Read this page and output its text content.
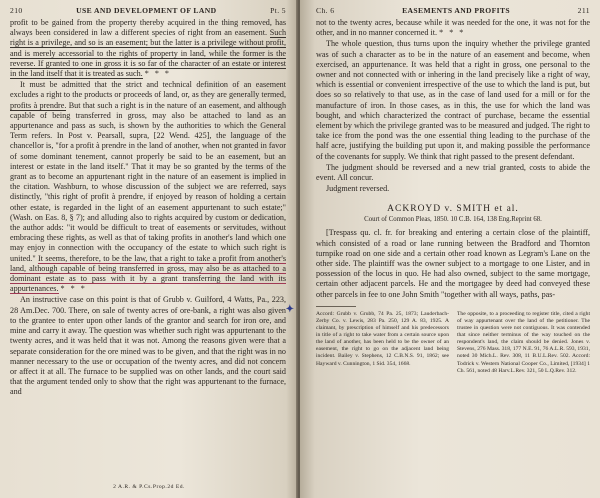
210	USE AND DEVELOPMENT OF LAND	Pt. 5

profit to be gained from the property thereby acquired in the thing removed, has always been considered in law a different species of right from an easement. Such right is a privilege, and so is an easement; but the latter is a privilege without profit, and is merely accessorial to the rights of property in land, while the former is the reverse. If granted to one in gross it is so far of the character of an estate or interest in the land itself that it is treated as such. * * *

It must be admitted that the strict and technical definition of an easement excludes a right to the products or proceeds of land, or, as they are generally termed, profits à prendre. But that such a right is in the nature of an easement, and although capable of being transferred in gross, may also be attached to land as an appurtenance and pass as such, is shown by the authorities to which the General Term refers. In Post v. Pearsall, supra, [22 Wend. 425], the language of the chancellor is, "for a profit à prendre in the land of another, when not granted in favor of some dominant tenement, cannot properly be said to be an easement, but an interest or estate in the land itself." That it may be so granted by the terms of the grant as to become an appurtenant right in the nature of an easement is implied in the citation. Washburn, to whose discussion of the subject we are referred, says distinctly, "this right of profit à prendre, if enjoyed by reason of holding a certain other estate, is regarded in the light of an easement appurtenant to such estate;" (Wash. on Eas. 8, § 7); and alluding also to rights acquired by custom or dedication, the author adds: "it would be difficult to treat of easements or servitudes, without embracing these rights, as well as that of taking profits in another's land which one may enjoy in connection with the occupancy of the estate to which such right is united." It seems, therefore, to be the law, that a right to take a profit from another's land, although capable of being transferred in gross, may also be as attached to a dominant estate as to pass with it by a grant transferring the land with its appurtenances. * * *

An instructive case on this point is that of Grubb v. Guilford, 4 Watts, Pa., 223, 28 Am.Dec. 700. There, on sale of twenty acres of ore-bank, a right was also given to the grantee to enter upon other lands of the grantor and search for iron ore, and mine and carry it away. The question was whether such right was appurtenant to the twenty acres, and it was held that it was not. Among the reasons given were that a separate consideration for the ore mined was to be given, and that the right was in no manner necessary to the use or occupation of the twenty acres, and did not concern or affect it at all. The furnace to be supplied was on other lands, and the court said that the argument tended only to show that the right was appurtenant to the furnace, and

2 A.R. & P.Cs.Prop.2d Ed.
✦
Ch. 6	EASEMENTS AND PROFITS	211

not to the twenty acres, because while it was needed for the one, it was not for the other, and in no manner concerned it. * * *

The whole question, thus turns upon the inquiry whether the privilege granted was of such a character as to be in the nature of an easement and become, when exercised, an appurtenance. It was held that a right in gross, one personal to the owner and not connected with or inhering in the land precisely like a right of way, which is essential or convenient irrespective of the use to which the land is put, but does so so relatively to that use, as in the case of land used for a mill or for the manufacture of iron. In those cases, as in this, the use for which the land was bought, and which characterized the contract of purchase, became the essential element by which the privilege granted was to be measured and judged. The right to take ice from the pond was the one essential thing leading to the purchase of the half acre, justifying the building put upon it, and making possible the performance of the covenants for supply. We think that right passed to the present defendant.

The judgment should be reversed and a new trial granted, costs to abide the event. All concur.

Judgment reversed.

ACKROYD v. SMITH et al.
Court of Common Pleas, 1850. 10 C.B. 164, 138 Eng.Reprint 68.

[Trespass qu. cl. fr. for breaking and entering a certain close of the plaintiff, which consisted of a road or lane running between the Bradford and Thornton turnpike road on one side and a certain other road known as Legram's Lane on the other side. The plaintiff was the owner subject to a mortgage to one Lister, and in possession of the locus in quo. He had also owned, subject to the same mortgage, certain other adjacent parcels. He and the mortgagee by deed had conveyed these other parcels in fee to one John Smith "together with all ways, paths, pas-

Accord: Grubb v. Grubb, 74 Pa. 25, 1873; Lauderbach-Zerby Co. v. Lewis, 283 Pa. 250, 129 A. 83, 1925. A claimant, by prescription of himself and his predecessors in title of a right to take water from a certain source upon the land of another, has been held to be the owner of an easement, the right to go on the adjacent land being incident. Bailey v. Stephens, 12 C.B.N.S. 91, 1862; see Hayward v. Cunnington, 1 Sid. 354, 1668.
The opposite, to a proceeding to register title, cited a right of way appurtenant over the land of the petitioner. The trustee in question were not contiguous. It was contended that since neither terminus of the way touched on the respondent's land, the claim should be denied. Jones v. Stevens, 276 Mass. 318, 177 N.E. 91, 76 A.L.R. 593, 1931, noted 30 Mich.L. Rev. 308, 11 B.U.L.Rev. 502. Accord: Todrick v. Western National Cooper Co., Limited, [1934] 1 Ch. 561, noted 48 Harv.L.Rev. 321, 50 L.Q.Rev. 312.
